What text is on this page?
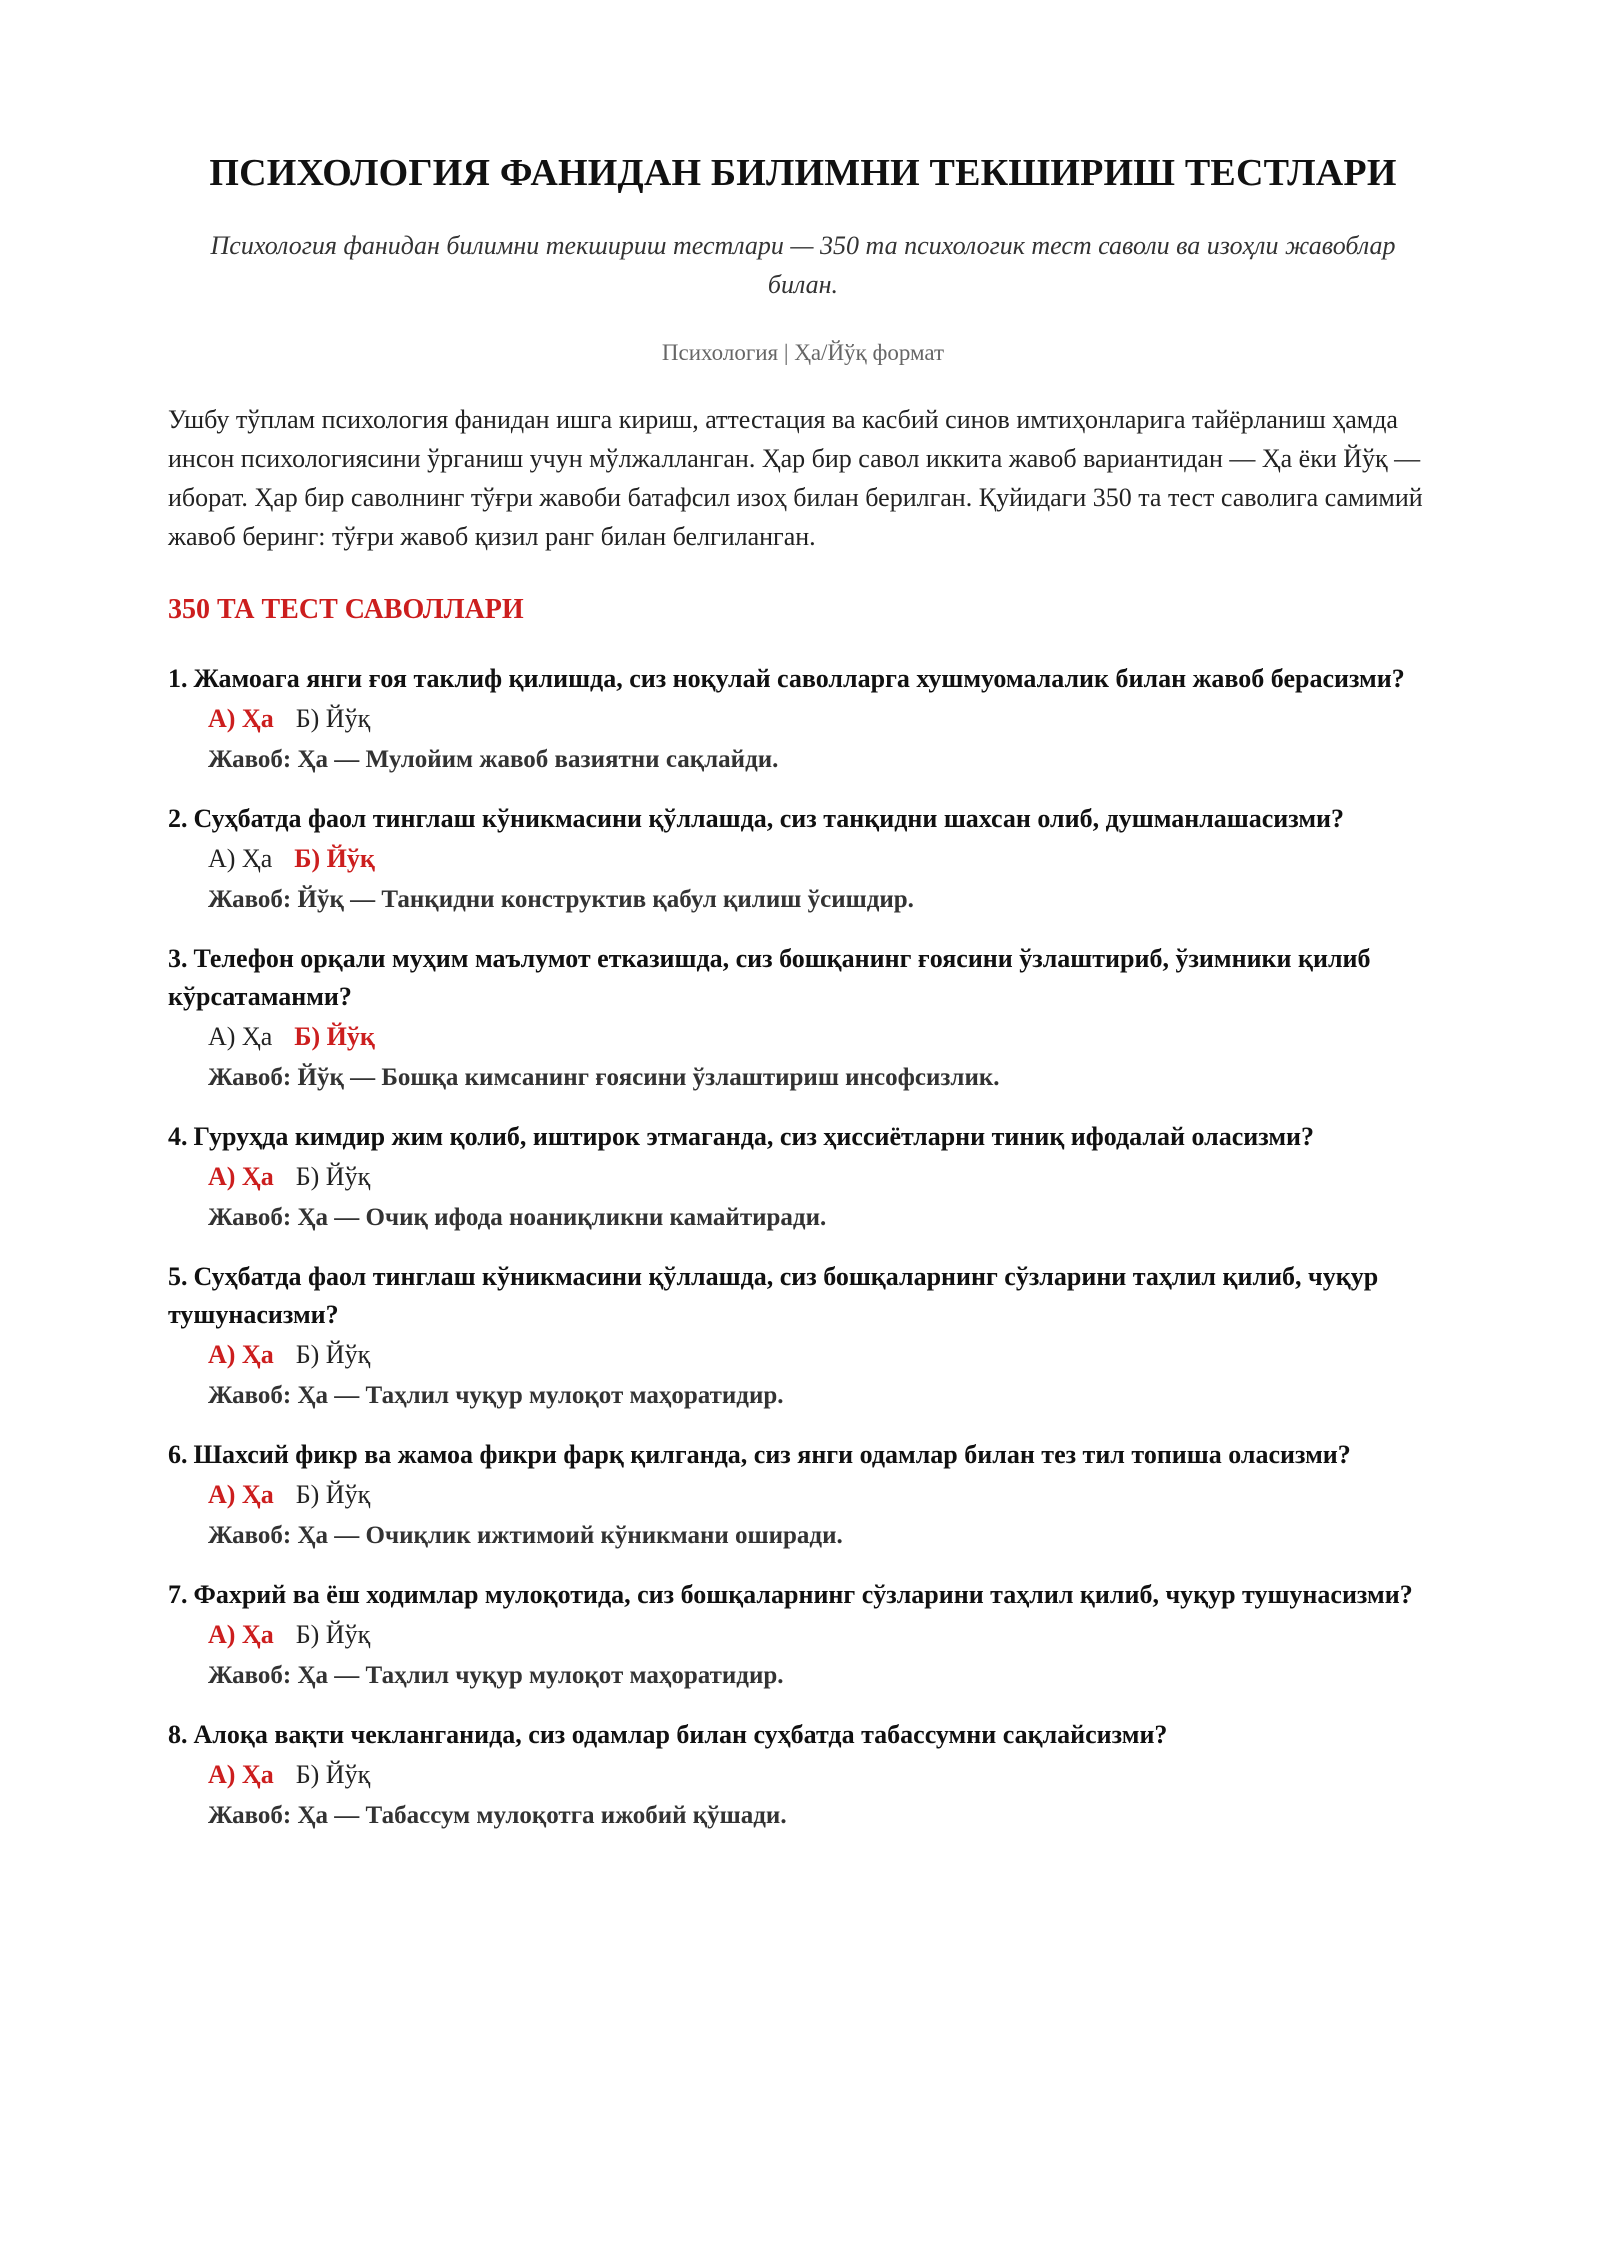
ПСИХОЛОГИЯ ФАНИДАН БИЛИМНИ ТЕКШИРИШ ТЕСТЛАРИ
Психология фанидан билимни текшириш тестлари — 350 та психологик тест саволи ва изоҳли жавоблар билан.
Психология | Ҳа/Йўқ формат
Ушбу тўплам психология фанидан ишга кириш, аттестация ва касбий синов имтиҳонларига тайёрланиш ҳамда инсон психологиясини ўрганиш учун мўлжалланган. Ҳар бир савол иккита жавоб вариантидан — Ҳа ёки Йўқ — иборат. Ҳар бир саволнинг тўғри жавоби батафсил изоҳ билан берилган. Қуйидаги 350 та тест саволига самимий жавоб беринг: тўғри жавоб қизил ранг билан белгиланган.
350 ТА ТЕСТ САВОЛЛАРИ
1. Жамоага янги ғоя таклиф қилишда, сиз ноқулай саволларга хушмуомалалик билан жавоб берасизми?
А) Ҳа Б) Йўқ
Жавоб: Ҳа — Мулойим жавоб вазиятни сақлайди.
2. Суҳбатда фаол тинглаш кўникмасини қўллашда, сиз танқидни шахсан олиб, душманлашасизми?
А) Ҳа Б) Йўқ
Жавоб: Йўқ — Танқидни конструктив қабул қилиш ўсишдир.
3. Телефон орқали муҳим маълумот етказишда, сиз бошқанинг ғоясини ўзлаштириб, ўзимники қилиб кўрсатаманми?
А) Ҳа Б) Йўқ
Жавоб: Йўқ — Бошқа кимсанинг ғоясини ўзлаштириш инсофсизлик.
4. Гуруҳда кимдир жим қолиб, иштирок этмаганда, сиз ҳиссиётларни тиниқ ифодалай оласизми?
А) Ҳа Б) Йўқ
Жавоб: Ҳа — Очиқ ифода ноаниқликни камайтиради.
5. Суҳбатда фаол тинглаш кўникмасини қўллашда, сиз бошқаларнинг сўзларини таҳлил қилиб, чуқур тушунасизми?
А) Ҳа Б) Йўқ
Жавоб: Ҳа — Таҳлил чуқур мулоқот маҳоратидир.
6. Шахсий фикр ва жамоа фикри фарқ қилганда, сиз янги одамлар билан тез тил топиша оласизми?
А) Ҳа Б) Йўқ
Жавоб: Ҳа — Очиқлик ижтимоий кўникмани оширади.
7. Фахрий ва ёш ходимлар мулоқотида, сиз бошқаларнинг сўзларини таҳлил қилиб, чуқур тушунасизми?
А) Ҳа Б) Йўқ
Жавоб: Ҳа — Таҳлил чуқур мулоқот маҳоратидир.
8. Алоқа вақти чекланганида, сиз одамлар билан суҳбатда табассумни сақлайсизми?
А) Ҳа Б) Йўқ
Жавоб: Ҳа — Табассум мулоқотга ижобий қўшади.
